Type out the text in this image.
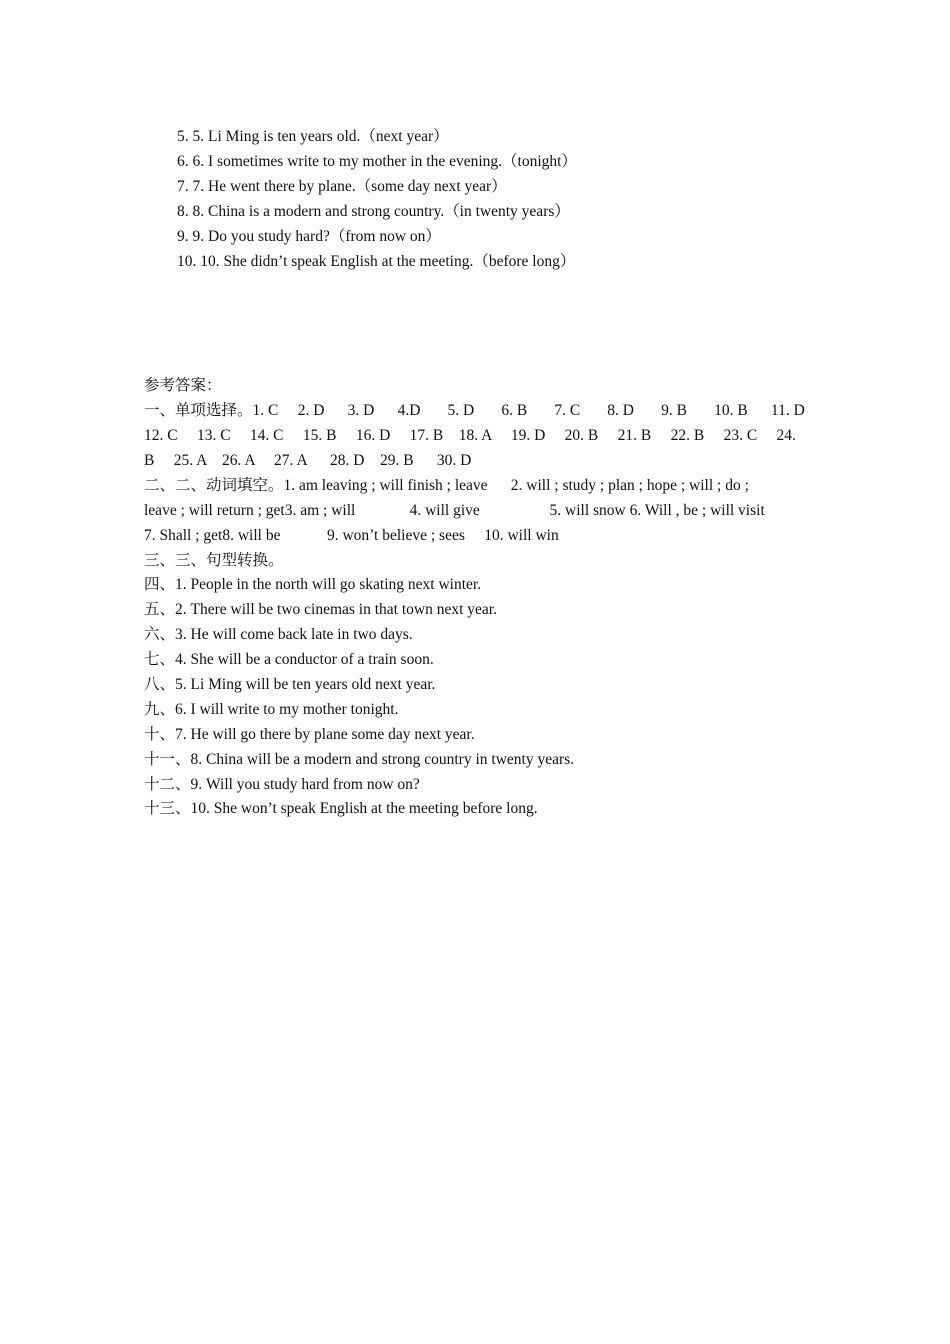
5. 5. Li Ming is ten years old.（next year）
6. 6. I sometimes write to my mother in the evening.（tonight）
7. 7. He went there by plane.（some day next year）
8. 8. China is a modern and strong country.（in twenty years）
9. 9. Do you study hard?（from now on）
10. 10. She didn’t speak English at the meeting.（before long）
参考答案：
一、单项选择。1. C     2. D      3. D      4.D       5. D       6. B       7. C       8. D       9. B       10. B      11. D
12. C     13. C     14. C     15. B     16. D     17. B    18. A     19. D     20. B     21. B     22. B     23. C     24.
B     25. A    26. A     27. A      28. D    29. B      30. D
二、二、动词填空。1. am leaving ; will finish ; leave      2. will ; study ; plan ; hope ; will ; do ;
leave ; will return ; get3. am ; will              4. will give                  5. will snow 6. Will , be ; will visit
7. Shall ; get8. will be            9. won’t believe ; sees     10. will win
三、三、句型转换。
四、1. People in the north will go skating next winter.
五、2. There will be two cinemas in that town next year.
六、3. He will come back late in two days.
七、4. She will be a conductor of a train soon.
八、5. Li Ming will be ten years old next year.
九、6. I will write to my mother tonight.
十、7. He will go there by plane some day next year.
十一、8. China will be a modern and strong country in twenty years.
十二、9. Will you study hard from now on?
十三、10. She won’t speak English at the meeting before long.
